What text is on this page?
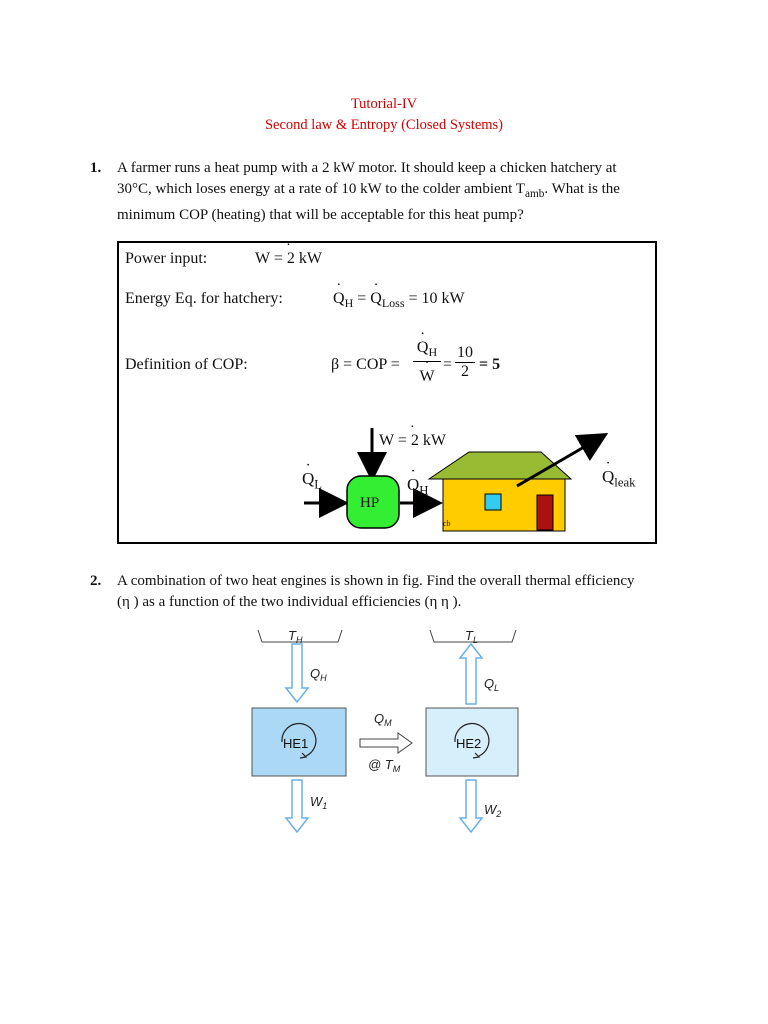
Tutorial-IV
Second law & Entropy (Closed Systems)
1. A farmer runs a heat pump with a 2 kW motor. It should keep a chicken hatchery at
30°C, which loses energy at a rate of 10 kW to the colder ambient $T_{amb}$. What is the
minimum COP (heating) that will be acceptable for this heat pump?
Power input:	˙ W = 2 kW
Energy Eq. for hatchery:	˙ $Q_H$ = ˙ $Q_{Loss} = 10$ kW
Definition of COP:	β = COP = ˙ $Q_H$
˙ $W = \frac{10}{2} = 5$
˙ W = 2 kW
˙ $Q_L$
HP
˙ $Q_H$
˙ $Q_{leak}$
cb
2. A combination of two heat engines is shown in fig. Find the overall thermal efficiency
(η ) as a function of the two individual efficiencies (η η ).
$T_H$	$T_L$
$Q_H$	$Q_L$
$Q_M$
@ $T_M$
HE1	HE2
$W_1$	$W_2$
